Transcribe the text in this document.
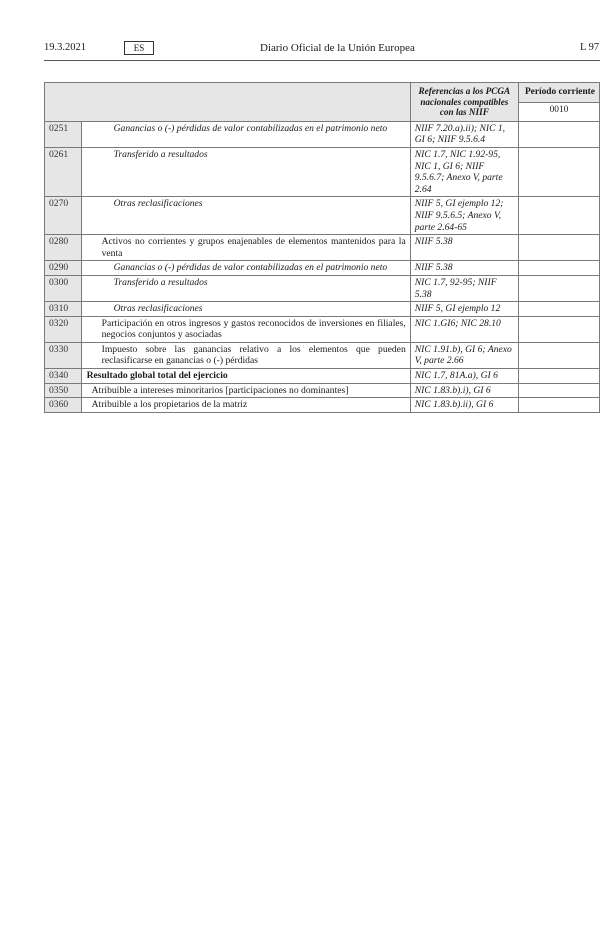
19.3.2021	ES	Diario Oficial de la Unión Europea	L 97
		Referencias a los PCGA nacionales compatibles con las NIIF	Período corriente
			0010
0251	Ganancias o (-) pérdidas de valor contabilizadas en el patrimonio neto	NIIF 7.20.a).ii); NIC 1, GI 6; NIIF 9.5.6.4	
0261	Transferido a resultados	NIC 1.7, NIC 1.92-95, NIC 1, GI 6; NIIF 9.5.6.7; Anexo V, parte 2.64	
0270	Otras reclasificaciones	NIIF 5, GI ejemplo 12; NIIF 9.5.6.5; Anexo V, parte 2.64-65	
0280	Activos no corrientes y grupos enajenables de elementos mantenidos para la venta	NIIF 5.38	
0290	Ganancias o (-) pérdidas de valor contabilizadas en el patrimonio neto	NIIF 5.38	
0300	Transferido a resultados	NIC 1.7, 92-95; NIIF 5.38	
0310	Otras reclasificaciones	NIIF 5, GI ejemplo 12	
0320	Participación en otros ingresos y gastos reconocidos de inversiones en filiales, negocios conjuntos y asociadas	NIC 1.GI6; NIC 28.10	
0330	Impuesto sobre las ganancias relativo a los elementos que pueden reclasificarse en ganancias o (-) pérdidas	NIC 1.91.b), GI 6; Anexo V, parte 2.66	
0340	Resultado global total del ejercicio	NIC 1.7, 81A.a), GI 6	
0350	Atribuible a intereses minoritarios [participaciones no dominantes]	NIC 1.83.b).i), GI 6	
0360	Atribuible a los propietarios de la matriz	NIC 1.83.b).ii), GI 6	
